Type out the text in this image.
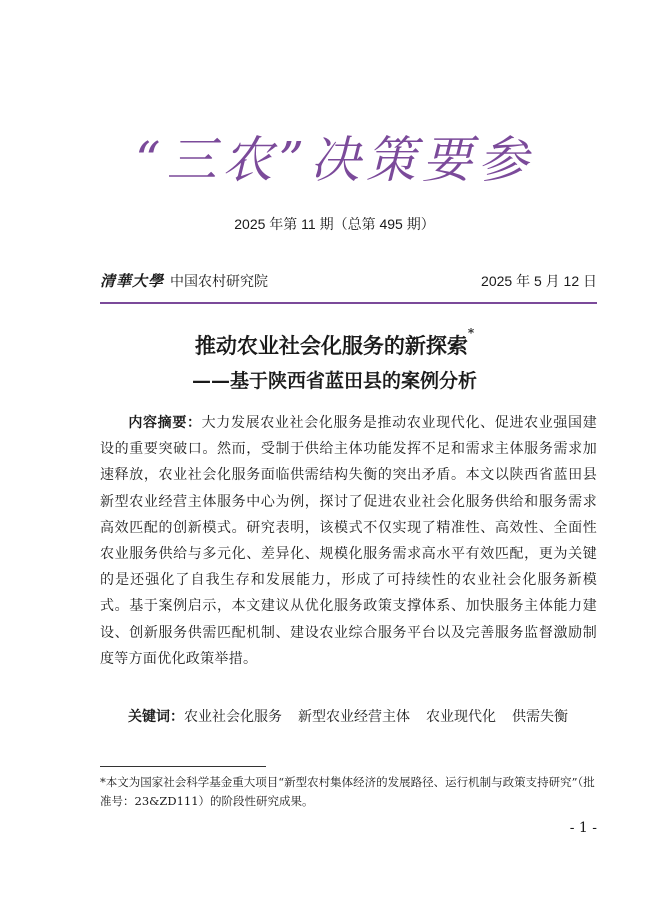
“三农”决策要参
2025 年第 11 期（总第 495 期）
清華大學 中国农村研究院	2025 年 5 月 12 日
推动农业社会化服务的新探索*
——基于陕西省蓝田县的案例分析
内容摘要：大力发展农业社会化服务是推动农业现代化、促进农业强国建设的重要突破口。然而，受制于供给主体功能发挥不足和需求主体服务需求加速释放，农业社会化服务面临供需结构失衡的突出矛盾。本文以陕西省蓝田县新型农业经营主体服务中心为例，探讨了促进农业社会化服务供给和服务需求高效匹配的创新模式。研究表明，该模式不仅实现了精准性、高效性、全面性农业服务供给与多元化、差异化、规模化服务需求高水平有效匹配，更为关键的是还强化了自我生存和发展能力，形成了可持续性的农业社会化服务新模式。基于案例启示，本文建议从优化服务政策支撑体系、加快服务主体能力建设、创新服务供需匹配机制、建设农业综合服务平台以及完善服务监督激励制度等方面优化政策举措。
关键词：农业社会化服务 新型农业经营主体 农业现代化 供需失衡
*本文为国家社会科学基金重大项目“新型农村集体经济的发展路径、运行机制与政策支持研究”（批准号：23&ZD111）的阶段性研究成果。
- 1 -
